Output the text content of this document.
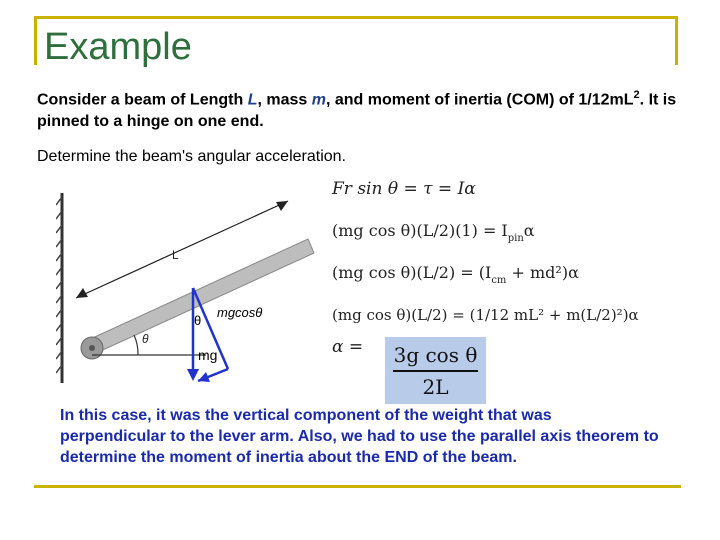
Example
Consider a beam of Length L, mass m, and moment of inertia (COM) of $1/12mL^2$. It is pinned to a hinge on one end.
Determine the beam's angular acceleration.
θ
L
θ
mgcosθ
mg
Fr sin θ = τ = Iα
(mg $\cos \theta)(L/2)(1) = I_{pin}\alpha$
(mg $\cos \theta)(L/2) = (I_{cm} + md^2)\alpha$
(mg cos θ)(L/2) = (1/12 mL² + m(L/2)²)α
α =	3g cos θ
2L
In this case, it was the vertical component of the weight that was perpendicular to the lever arm. Also, we had to use the parallel axis theorem to determine the moment of inertia about the END of the beam.
